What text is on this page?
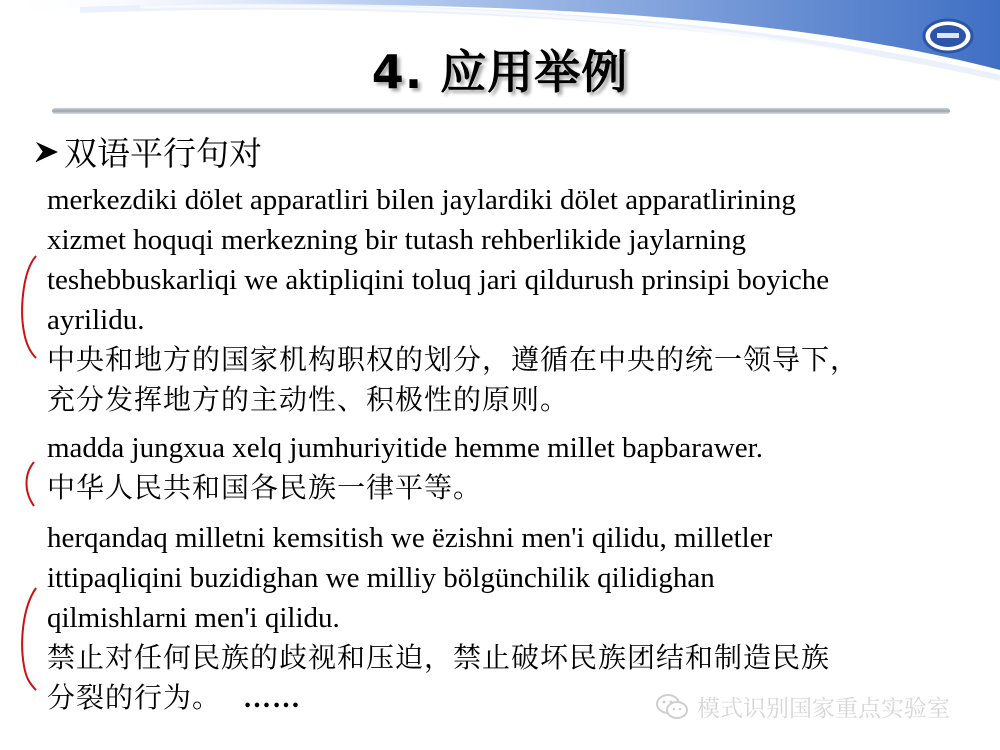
4. 应用举例
双语平行句对

merkezdiki dölet apparatliri bilen jaylardiki dölet apparatlirining

xizmet hoquqi merkezning bir tutash rehberlikide jaylarning

teshebbuskarliqi we aktipliqini toluq jari qildurush prinsipi boyiche

ayrilidu.

中央和地方的国家机构职权的划分，遵循在中央的统一领导下，

充分发挥地方的主动性、积极性的原则。

madda jungxua xelq jumhuriyitide hemme millet bapbarawer.

中华人民共和国各民族一律平等。

herqandaq milletni kemsitish we ëzishni men'i qilidu, milletler

ittipaqliqini buzidighan we milliy bölgünchilik qilidighan

qilmishlarni men'i qilidu.

禁止对任何民族的歧视和压迫，禁止破坏民族团结和制造民族

分裂的行为。 ……	模式识别国家重点实验室
